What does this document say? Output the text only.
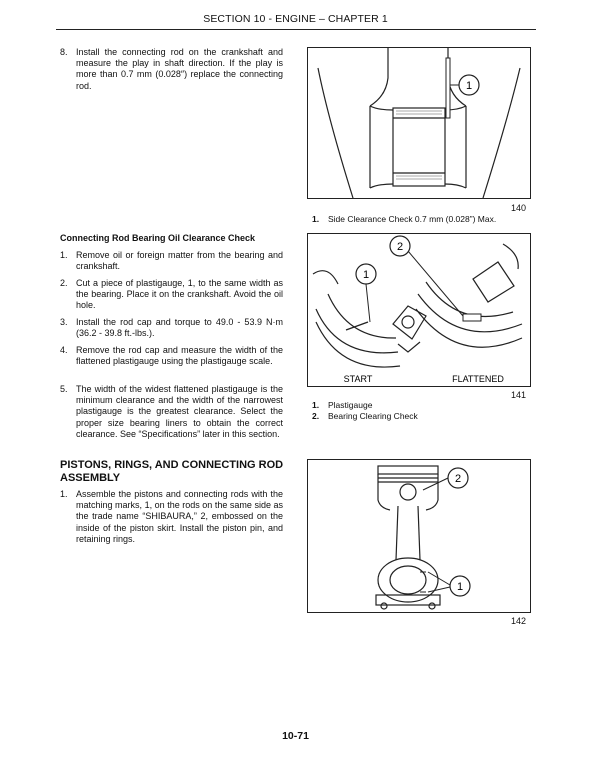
SECTION 10 - ENGINE – CHAPTER 1
8. Install the connecting rod on the crankshaft and measure the play in shaft direction. If the play is more than 0.7 mm (0.028″) replace the connecting rod.
Connecting Rod Bearing Oil Clearance Check
1. Remove oil or foreign matter from the bearing and crankshaft.
2. Cut a piece of plastigauge, 1, to the same width as the bearing. Place it on the crankshaft. Avoid the oil hole.
3. Install the rod cap and torque to 49.0 - 53.9 N·m (36.2 - 39.8 ft.-lbs.).
4. Remove the rod cap and measure the width of the flattened plastigauge using the plastigauge scale.
5. The width of the widest flattened plastigauge is the minimum clearance and the width of the narrowest plastigauge is the greatest clearance. Select the proper size bearing liners to obtain the correct clearance. See “Specifications” later in this section.
PISTONS, RINGS, AND CONNECTING ROD ASSEMBLY
1. Assemble the pistons and connecting rods with the matching marks, 1, on the rods on the same side as the trade name “SHIBAURA,” 2, embossed on the inside of the piston skirt. Install the piston pin, and retaining rings.
1
140
1. Side Clearance Check 0.7 mm (0.028”) Max.
1
2
START	FLATTENED
141
1. Plastigauge
2. Bearing Clearing Check
2
1
142
10-71
